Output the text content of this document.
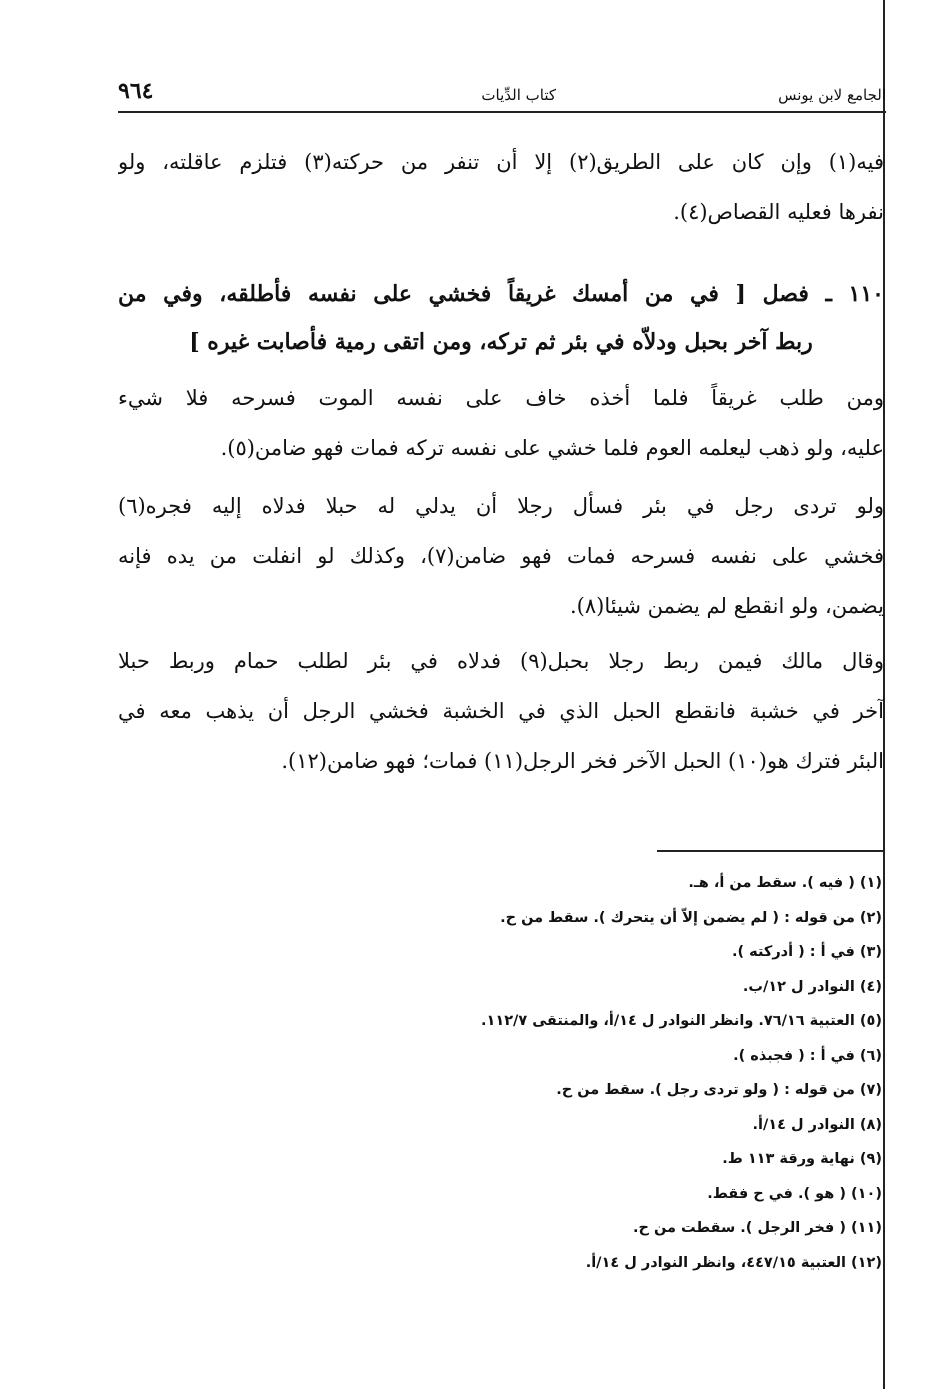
الجامع لابن يونس
كتاب الدِّيات
٩٦٤
فيه(١) وإن كان على الطريق(٢) إلا أن تنفر من حركته(٣) فتلزم عاقلته، ولو
نفرها فعليه القصاص(٤).
١١٠ ـ فصل [ في من أمسك غريقاً فخشي على نفسه فأطلقه، وفي من
ربط آخر بحبل ودلاّه في بئر ثم تركه، ومن اتقى رمية فأصابت غيره ]
ومن طلب غريقاً فلما أخذه خاف على نفسه الموت فسرحه فلا شيء
عليه، ولو ذهب ليعلمه العوم فلما خشي على نفسه تركه فمات فهو ضامن(٥).
ولو تردى رجل في بئر فسأل رجلا أن يدلي له حبلا فدلاه إليه فجره(٦)
فخشي على نفسه فسرحه فمات فهو ضامن(٧)، وكذلك لو انفلت من يده فإنه
يضمن، ولو انقطع لم يضمن شيئا(٨).
وقال مالك فيمن ربط رجلا بحبل(٩) فدلاه في بئر لطلب حمام وربط حبلا
آخر في خشبة فانقطع الحبل الذي في الخشبة فخشي الرجل أن يذهب معه في
البئر فترك هو(١٠) الحبل الآخر فخر الرجل(١١) فمات؛ فهو ضامن(١٢).
(١) ( فيه ). سقط من أ، هـ.
(٢) من قوله : ( لم يضمن إلاّ أن يتحرك ). سقط من ح.
(٣) في أ : ( أدركته ).
(٤) النوادر ل ١٢/ب.
(٥) العتبية ٧٦/١٦. وانظر النوادر ل ١٤/أ، والمنتقى ١١٢/٧.
(٦) في أ : ( فجبذه ).
(٧) من قوله : ( ولو تردى رجل ). سقط من ح.
(٨) النوادر ل ١٤/أ.
(٩) نهاية ورقة ١١٣ ط.
(١٠) ( هو ). في ح فقط.
(١١) ( فخر الرجل ). سقطت من ح.
(١٢) العتبية ٤٤٧/١٥، وانظر النوادر ل ١٤/أ.
